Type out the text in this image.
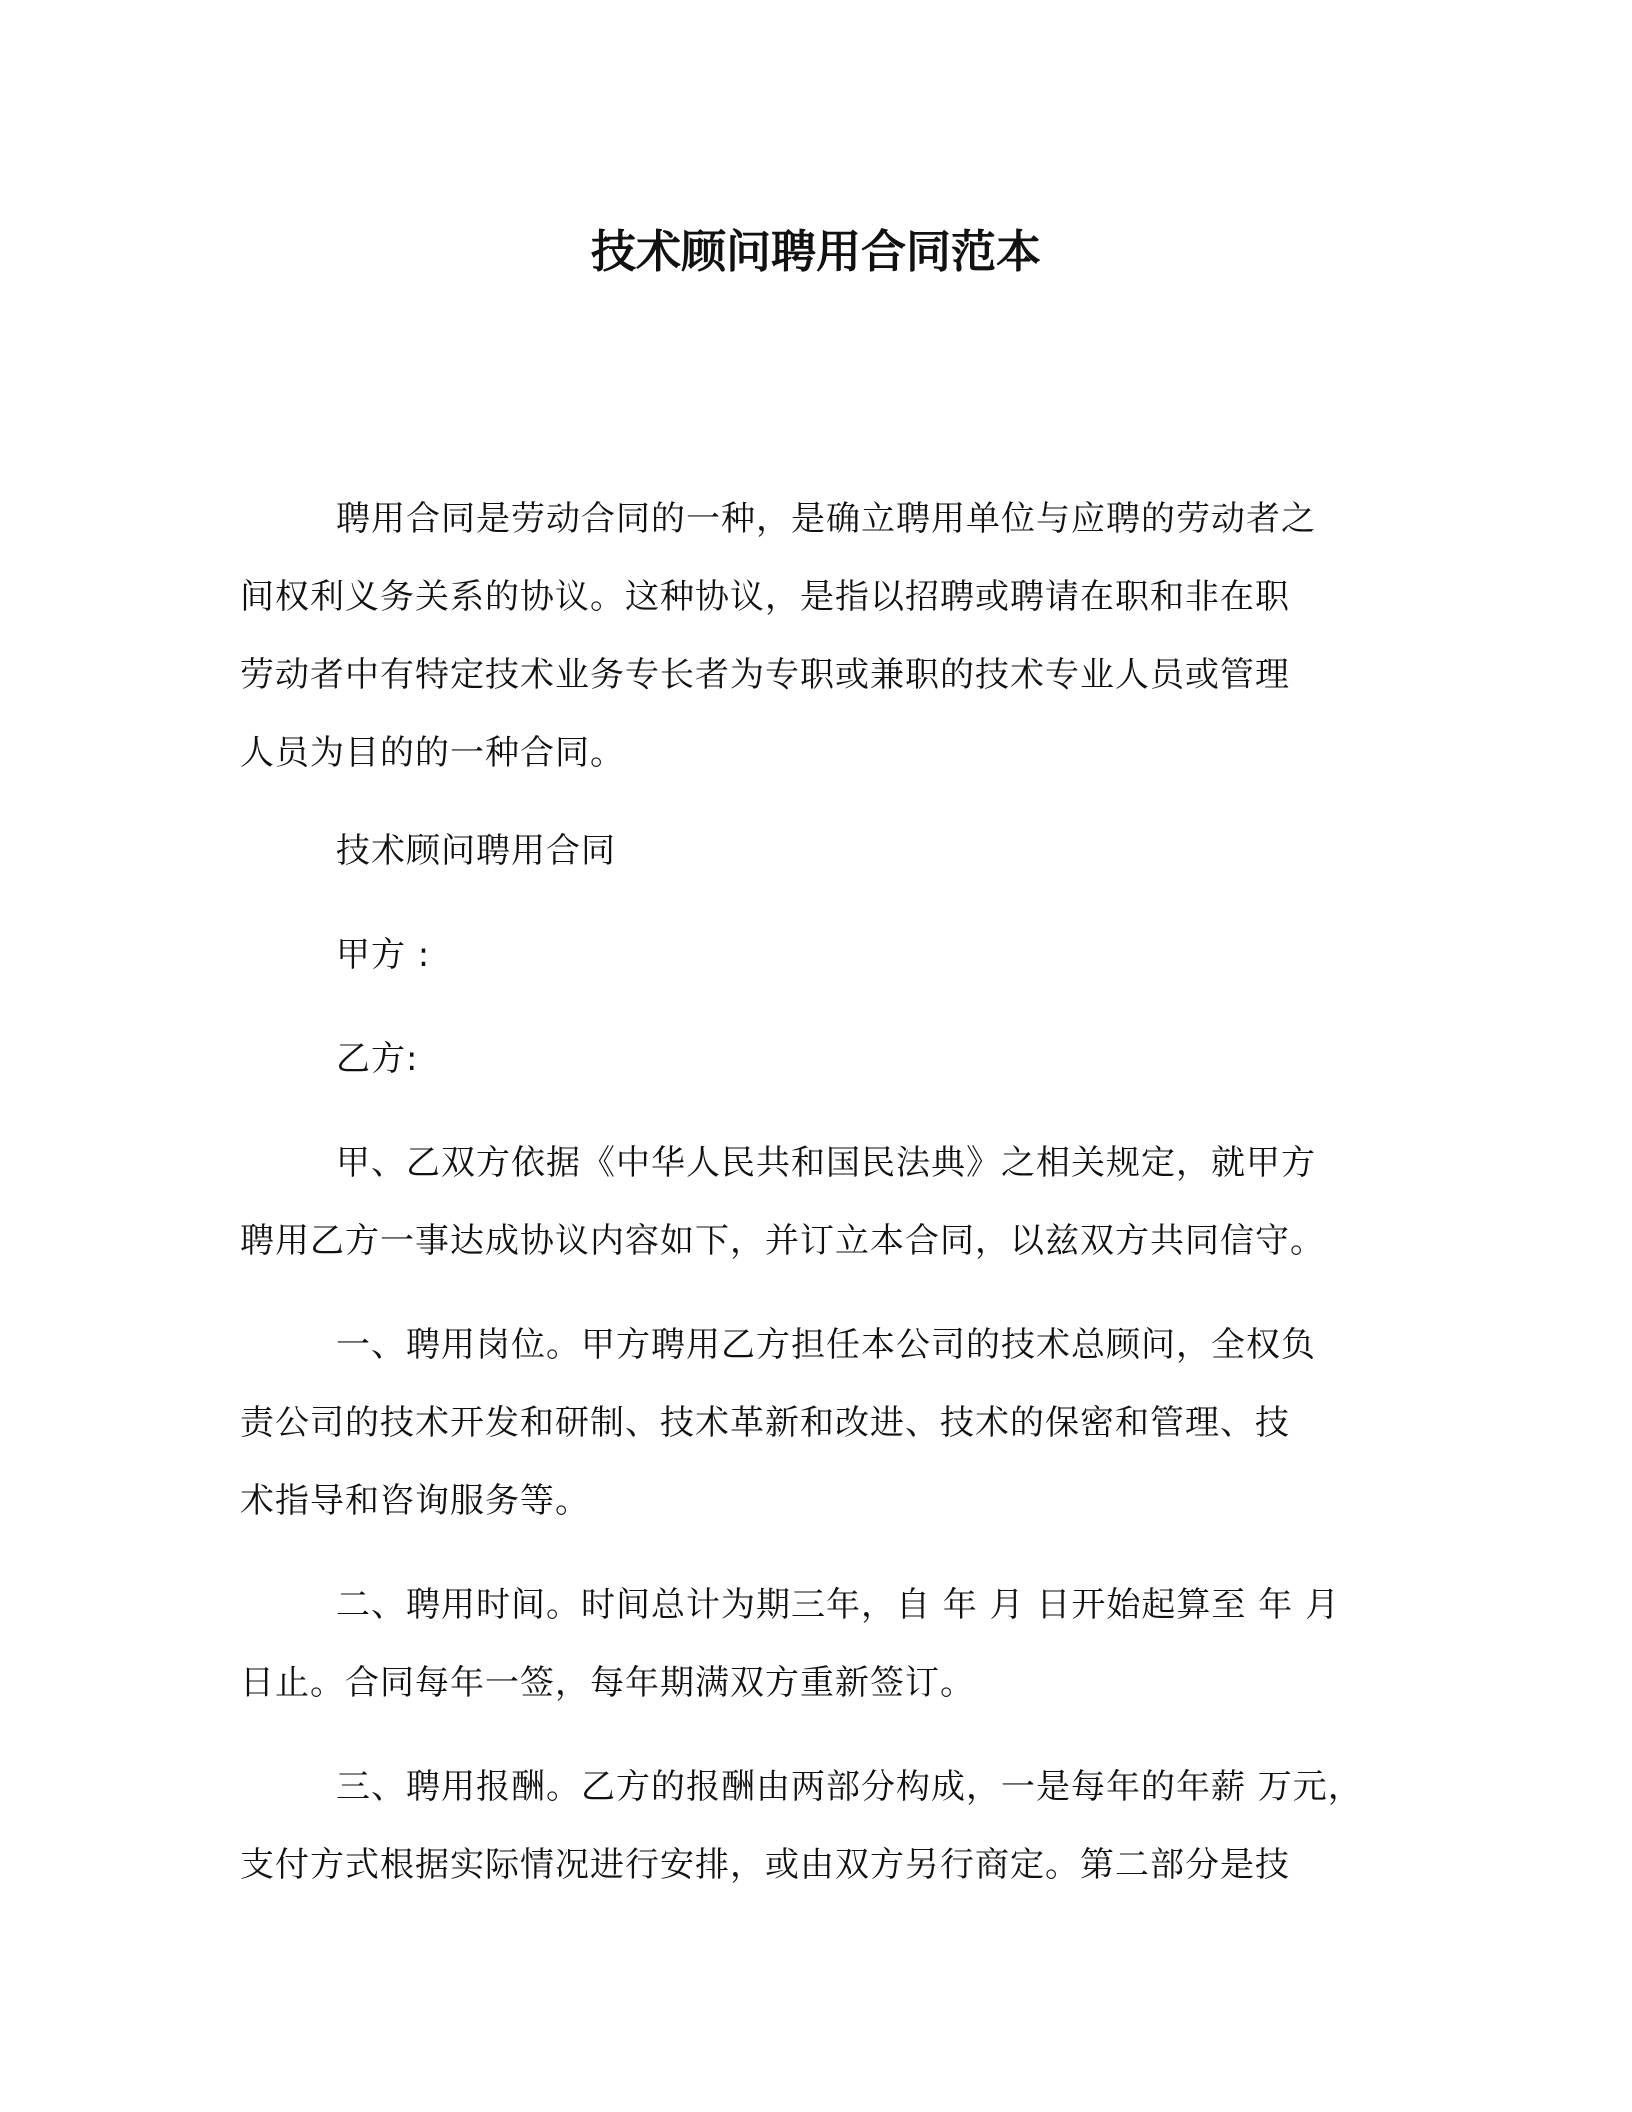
技术顾问聘用合同范本
聘用合同是劳动合同的一种，是确立聘用单位与应聘的劳动者之
间权利义务关系的协议。这种协议，是指以招聘或聘请在职和非在职
劳动者中有特定技术业务专长者为专职或兼职的技术专业人员或管理
人员为目的的一种合同。
技术顾问聘用合同
甲方 :
乙方:
甲、乙双方依据《中华人民共和国民法典》之相关规定，就甲方
聘用乙方一事达成协议内容如下，并订立本合同，以兹双方共同信守。
一、聘用岗位。甲方聘用乙方担任本公司的技术总顾问，全权负
责公司的技术开发和研制、技术革新和改进、技术的保密和管理、技
术指导和咨询服务等。
二、聘用时间。时间总计为期三年，自 年 月 日开始起算至 年 月
日止。合同每年一签，每年期满双方重新签订。
三、聘用报酬。乙方的报酬由两部分构成，一是每年的年薪 万元，
支付方式根据实际情况进行安排，或由双方另行商定。第二部分是技
